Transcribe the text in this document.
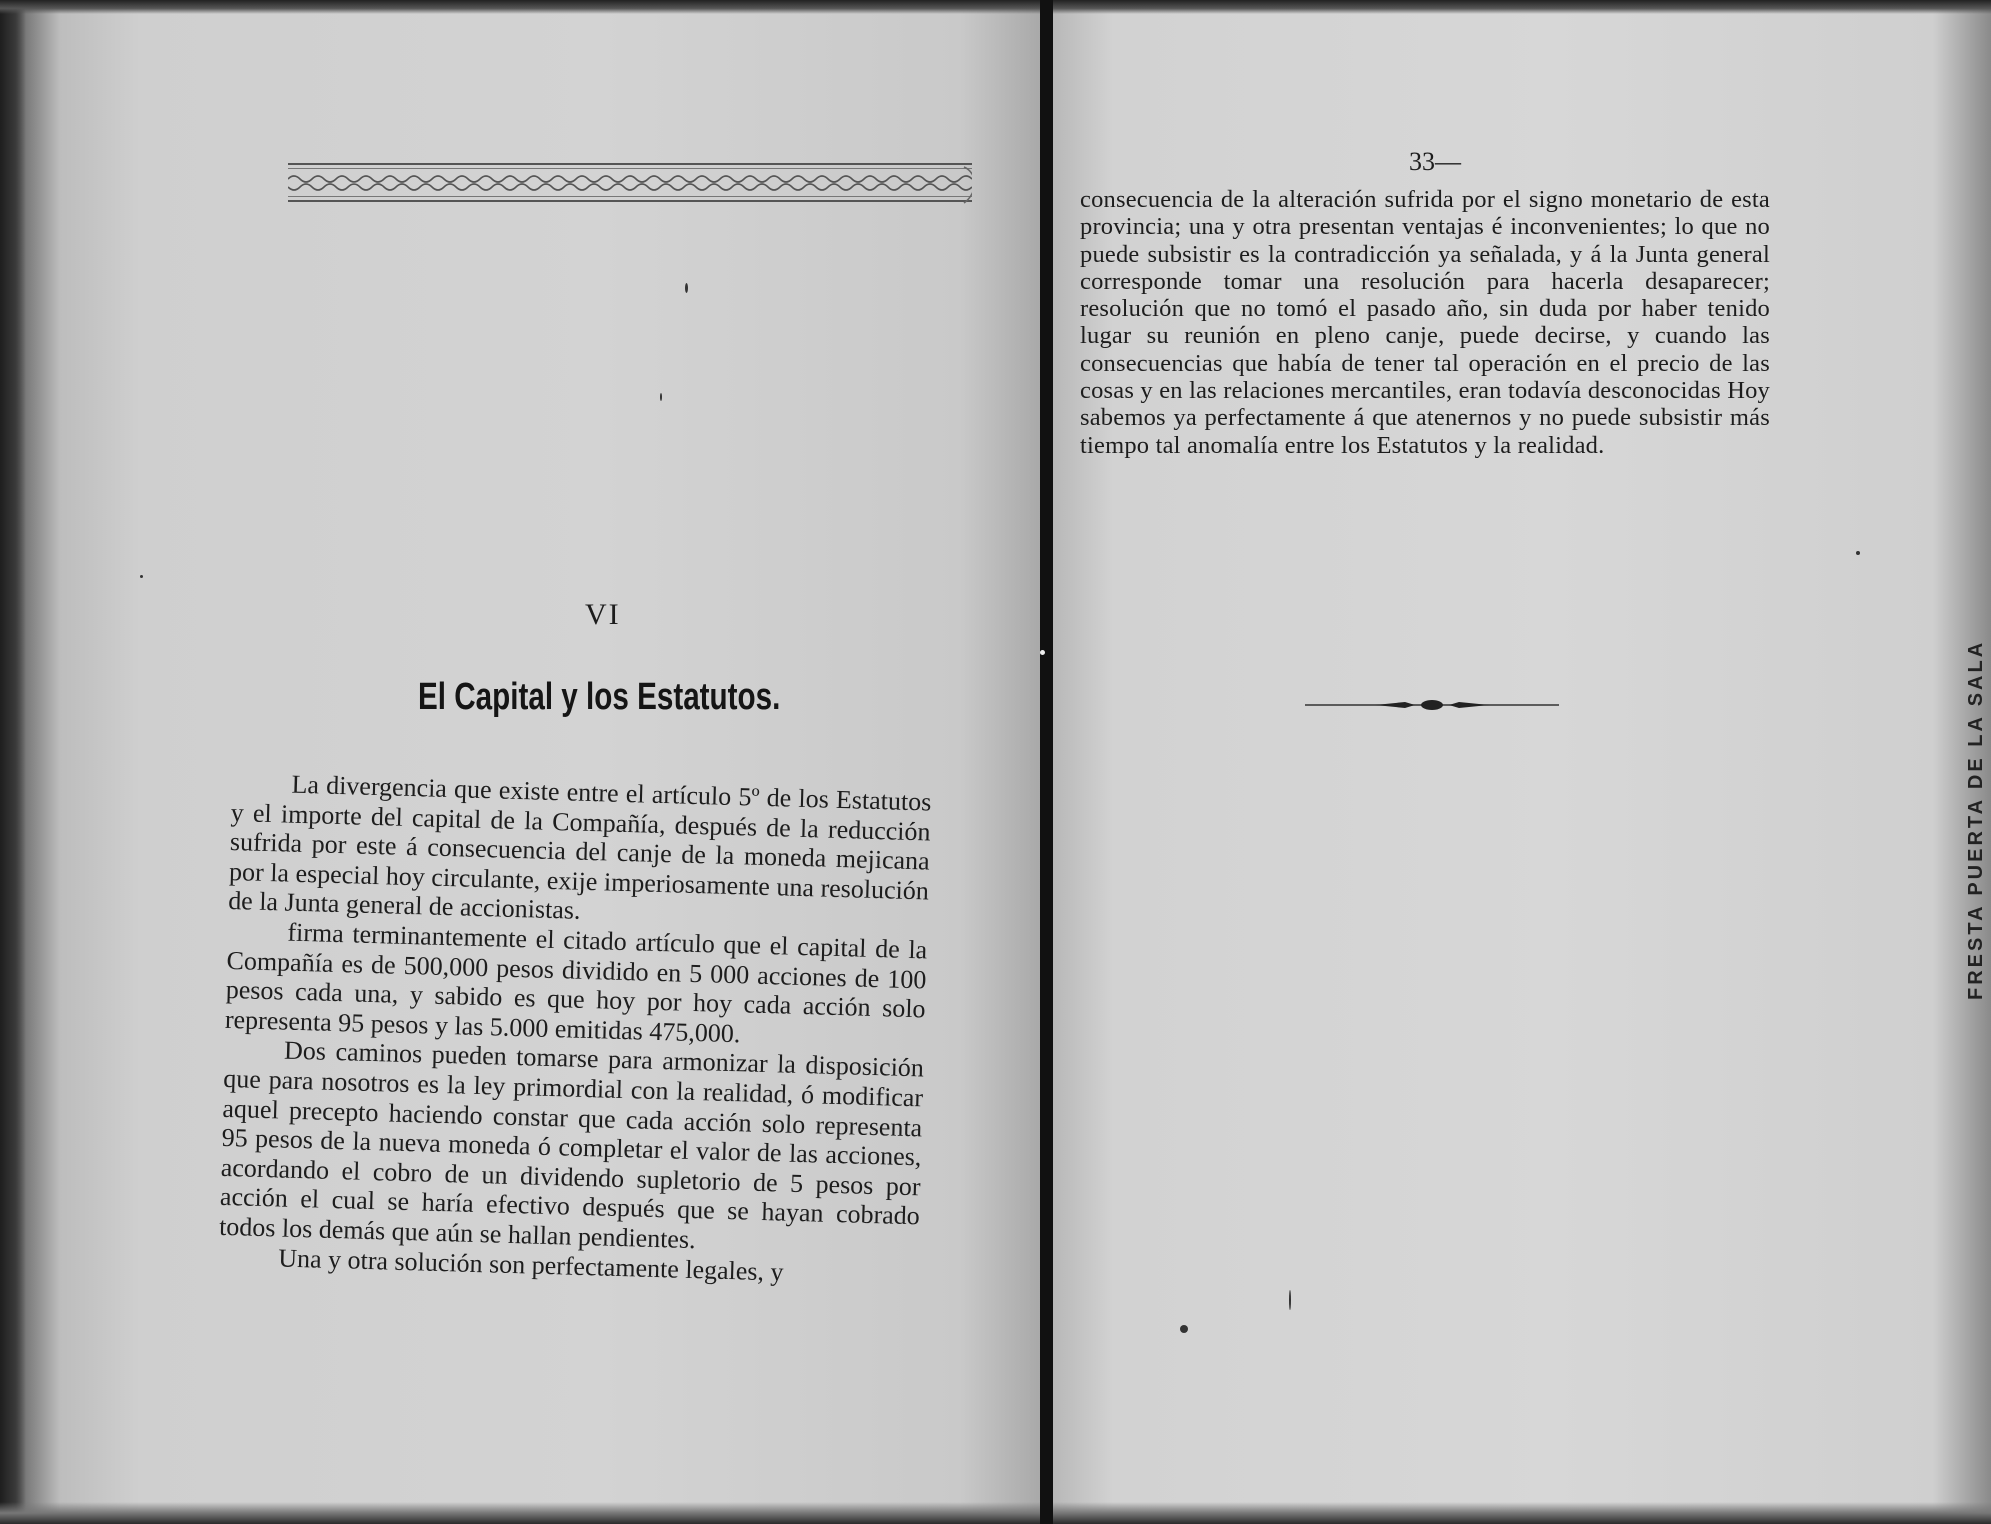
VI
El Capital y los Estatutos.

La divergencia que existe entre el artículo 5º de los Estatutos y el importe del capital de la Compañía, después de la reducción sufrida por este á consecuencia del canje de la moneda mejicana por la especial hoy circulante, exije imperiosamente una resolución de la Junta general de accionistas.

firma terminantemente el citado artículo que el capital de la Compañía es de 500,000 pesos dividido en 5 000 acciones de 100 pesos cada una, y sabido es que hoy por hoy cada acción solo representa 95 pesos y las 5.000 emitidas 475,000.

Dos caminos pueden tomarse para armonizar la disposición que para nosotros es la ley primordial con la realidad, ó modificar aquel precepto haciendo constar que cada acción solo representa 95 pesos de la nueva moneda ó completar el valor de las acciones, acordando el cobro de un dividendo supletorio de 5 pesos por acción el cual se haría efectivo después que se hayan cobrado todos los demás que aún se hallan pendientes.

Una y otra solución son perfectamente legales, y

FRESTA PUERTA DE LA SALA
33—

consecuencia de la alteración sufrida por el signo monetario de esta provincia; una y otra presentan ventajas é inconvenientes; lo que no puede subsistir es la contradicción ya señalada, y á la Junta general corresponde tomar una resolución para hacerla desaparecer; resolución que no tomó el pasado año, sin duda por haber tenido lugar su reunión en pleno canje, puede decirse, y cuando las consecuencias que había de tener tal operación en el precio de las cosas y en las relaciones mercantiles, eran todavía desconocidas Hoy sabemos ya perfectamente á que atenernos y no puede subsistir más tiempo tal anomalía entre los Estatutos y la realidad.
